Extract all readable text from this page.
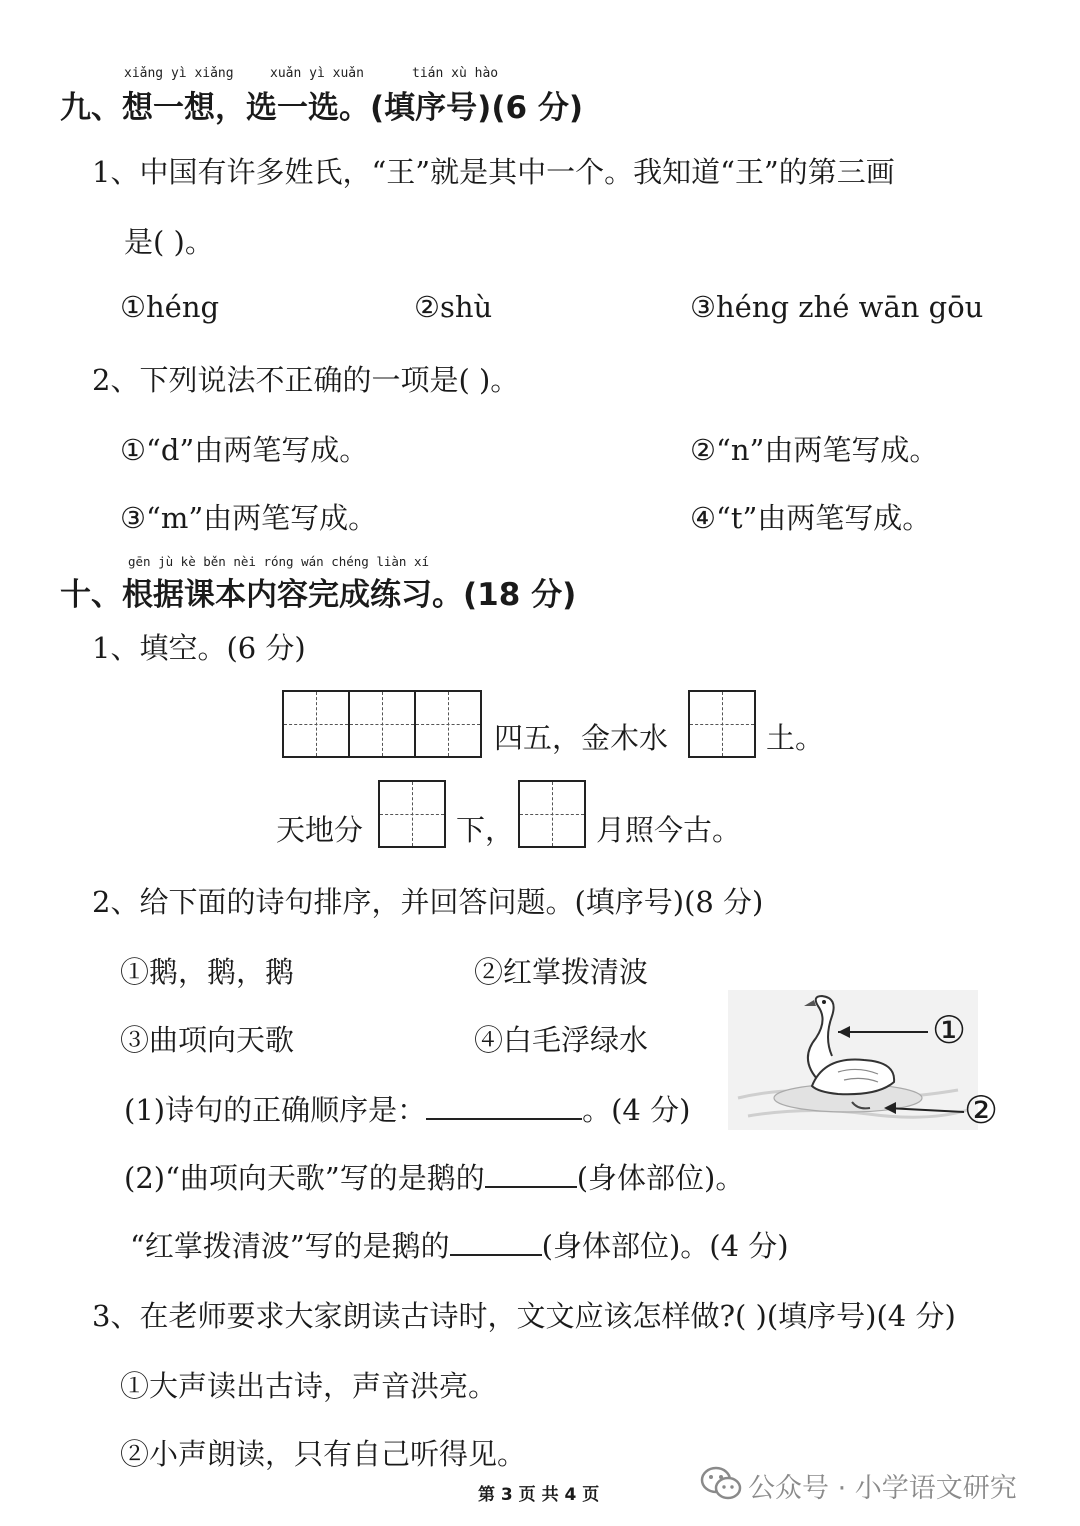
xiǎng yì xiǎng	xuǎn yì xuǎn	tián xù hào
九、想一想，选一选。(填序号)(6 分)
1、中国有许多姓氏，“王”就是其中一个。我知道“王”的第三画
是( )。
①héng	②shù	③héng zhé wān gōu
2、下列说法不正确的一项是( )。
①“d”由两笔写成。	②“n”由两笔写成。
③“m”由两笔写成。	④“t”由两笔写成。
gēn jù kè běn nèi róng wán chéng liàn xí
十、根据课本内容完成练习。(18 分)
1、填空。(6 分)
四五，金木水	土。
天地分	下，	月照今古。
2、给下面的诗句排序，并回答问题。(填序号)(8 分)
①鹅，鹅，鹅	②红掌拨清波
③曲项向天歌	④白毛浮绿水	①
②
(1)诗句的正确顺序是：	。(4 分)
(2)“曲项向天歌”写的是鹅的	(身体部位)。
“红掌拨清波”写的是鹅的	(身体部位)。(4 分)
3、在老师要求大家朗读古诗时，文文应该怎样做?( )(填序号)(4 分)
①大声读出古诗，声音洪亮。
②小声朗读，只有自己听得见。
第 3 页 共 4 页	公众号 · 小学语文研究
